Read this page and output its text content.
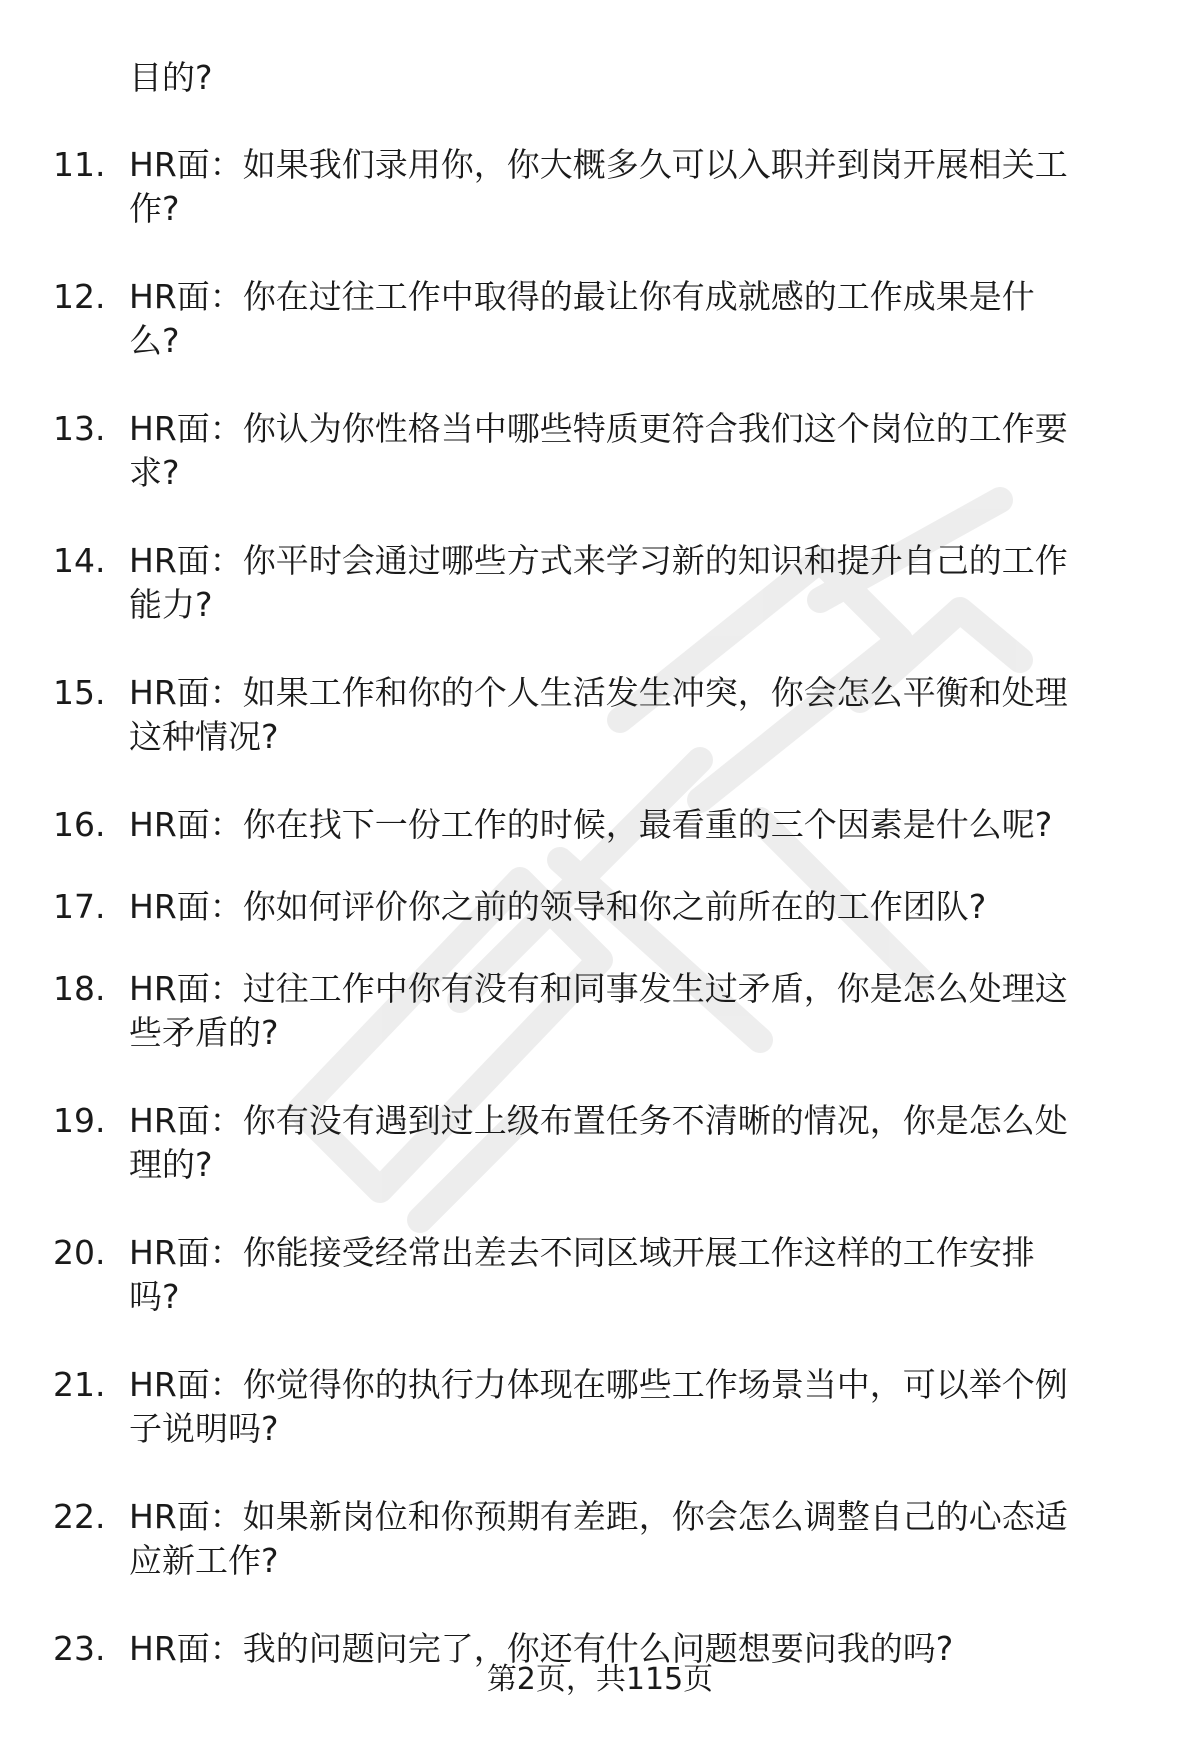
目的?

11. HR面：如果我们录用你，你大概多久可以入职并到岗开展相关工
作?
12. HR面：你在过往工作中取得的最让你有成就感的工作成果是什
么?
13. HR面：你认为你性格当中哪些特质更符合我们这个岗位的工作要
求?
14. HR面：你平时会通过哪些方式来学习新的知识和提升自己的工作
能力?
15. HR面：如果工作和你的个人生活发生冲突，你会怎么平衡和处理
这种情况?
16. HR面：你在找下一份工作的时候，最看重的三个因素是什么呢?
17. HR面：你如何评价你之前的领导和你之前所在的工作团队?
18. HR面：过往工作中你有没有和同事发生过矛盾，你是怎么处理这
些矛盾的?
19. HR面：你有没有遇到过上级布置任务不清晰的情况，你是怎么处
理的?
20. HR面：你能接受经常出差去不同区域开展工作这样的工作安排
吗?
21. HR面：你觉得你的执行力体现在哪些工作场景当中，可以举个例
子说明吗?
22. HR面：如果新岗位和你预期有差距，你会怎么调整自己的心态适
应新工作?
23. HR面：我的问题问完了，你还有什么问题想要问我的吗?
第2页，共115页
